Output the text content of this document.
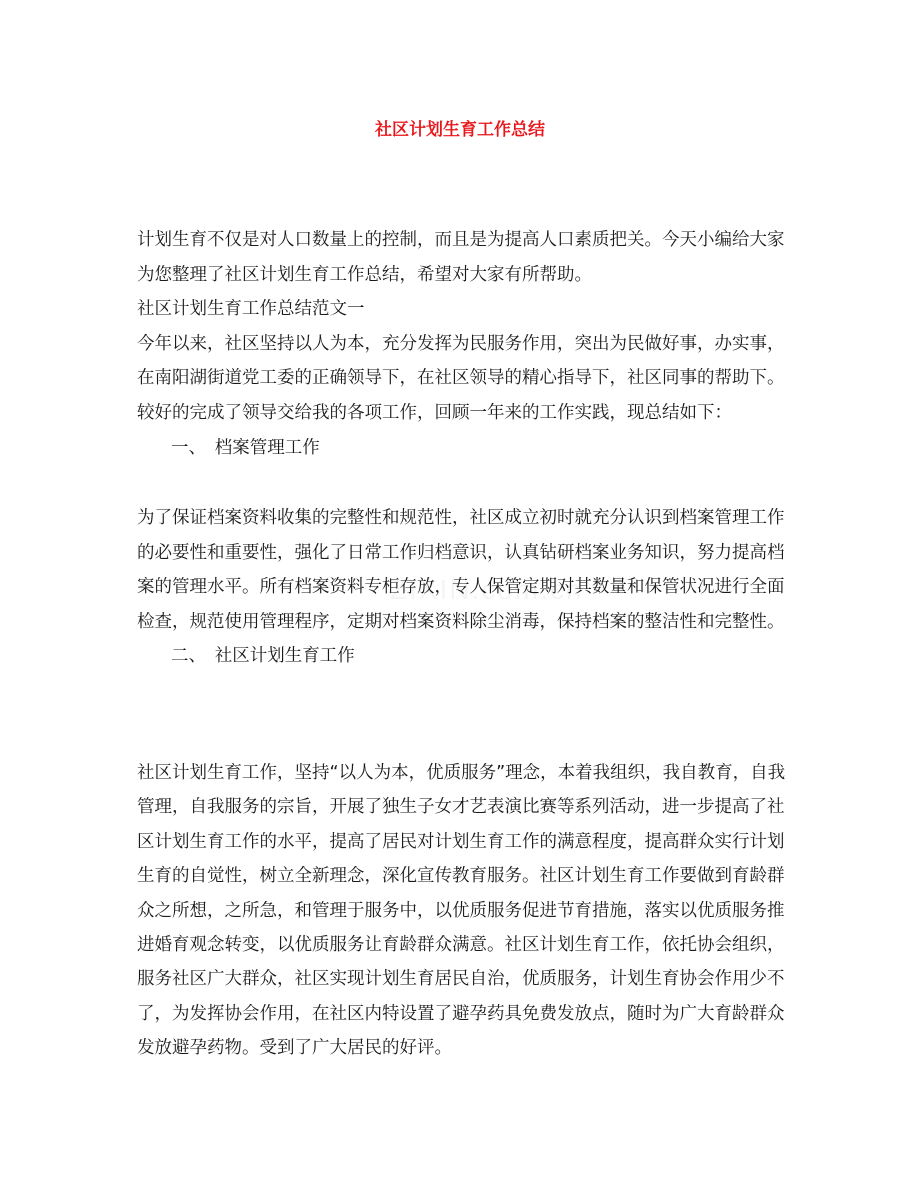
社区计划生育工作总结

计划生育不仅是对人口数量上的控制，而且是为提高人口素质把关。今天小编给大家为您整理了社区计划生育工作总结，希望对大家有所帮助。

社区计划生育工作总结范文一

今年以来，社区坚持以人为本，充分发挥为民服务作用，突出为民做好事，办实事，在南阳湖街道党工委的正确领导下，在社区领导的精心指导下，社区同事的帮助下。较好的完成了领导交给我的各项工作，回顾一年来的工作实践，现总结如下：

一、　档案管理工作

为了保证档案资料收集的完整性和规范性，社区成立初时就充分认识到档案管理工作的必要性和重要性，强化了日常工作归档意识，认真钻研档案业务知识，努力提高档案的管理水平。所有档案资料专柜存放，专人保管定期对其数量和保管状况进行全面检查，规范使用管理程序，定期对档案资料除尘消毒，保持档案的整洁性和完整性。

二、　社区计划生育工作

社区计划生育工作，坚持“以人为本，优质服务”理念，本着我组织，我自教育，自我管理，自我服务的宗旨，开展了独生子女才艺表演比赛等系列活动，进一步提高了社区计划生育工作的水平，提高了居民对计划生育工作的满意程度，提高群众实行计划生育的自觉性，树立全新理念，深化宣传教育服务。社区计划生育工作要做到育龄群众之所想，之所急，和管理于服务中，以优质服务促进节育措施，落实以优质服务推进婚育观念转变，以优质服务让育龄群众满意。社区计划生育工作，依托协会组织，服务社区广大群众，社区实现计划生育居民自治，优质服务，计划生育协会作用少不了，为发挥协会作用，在社区内特设置了避孕药具免费发放点，随时为广大育龄群众发放避孕药物。受到了广大居民的好评。
